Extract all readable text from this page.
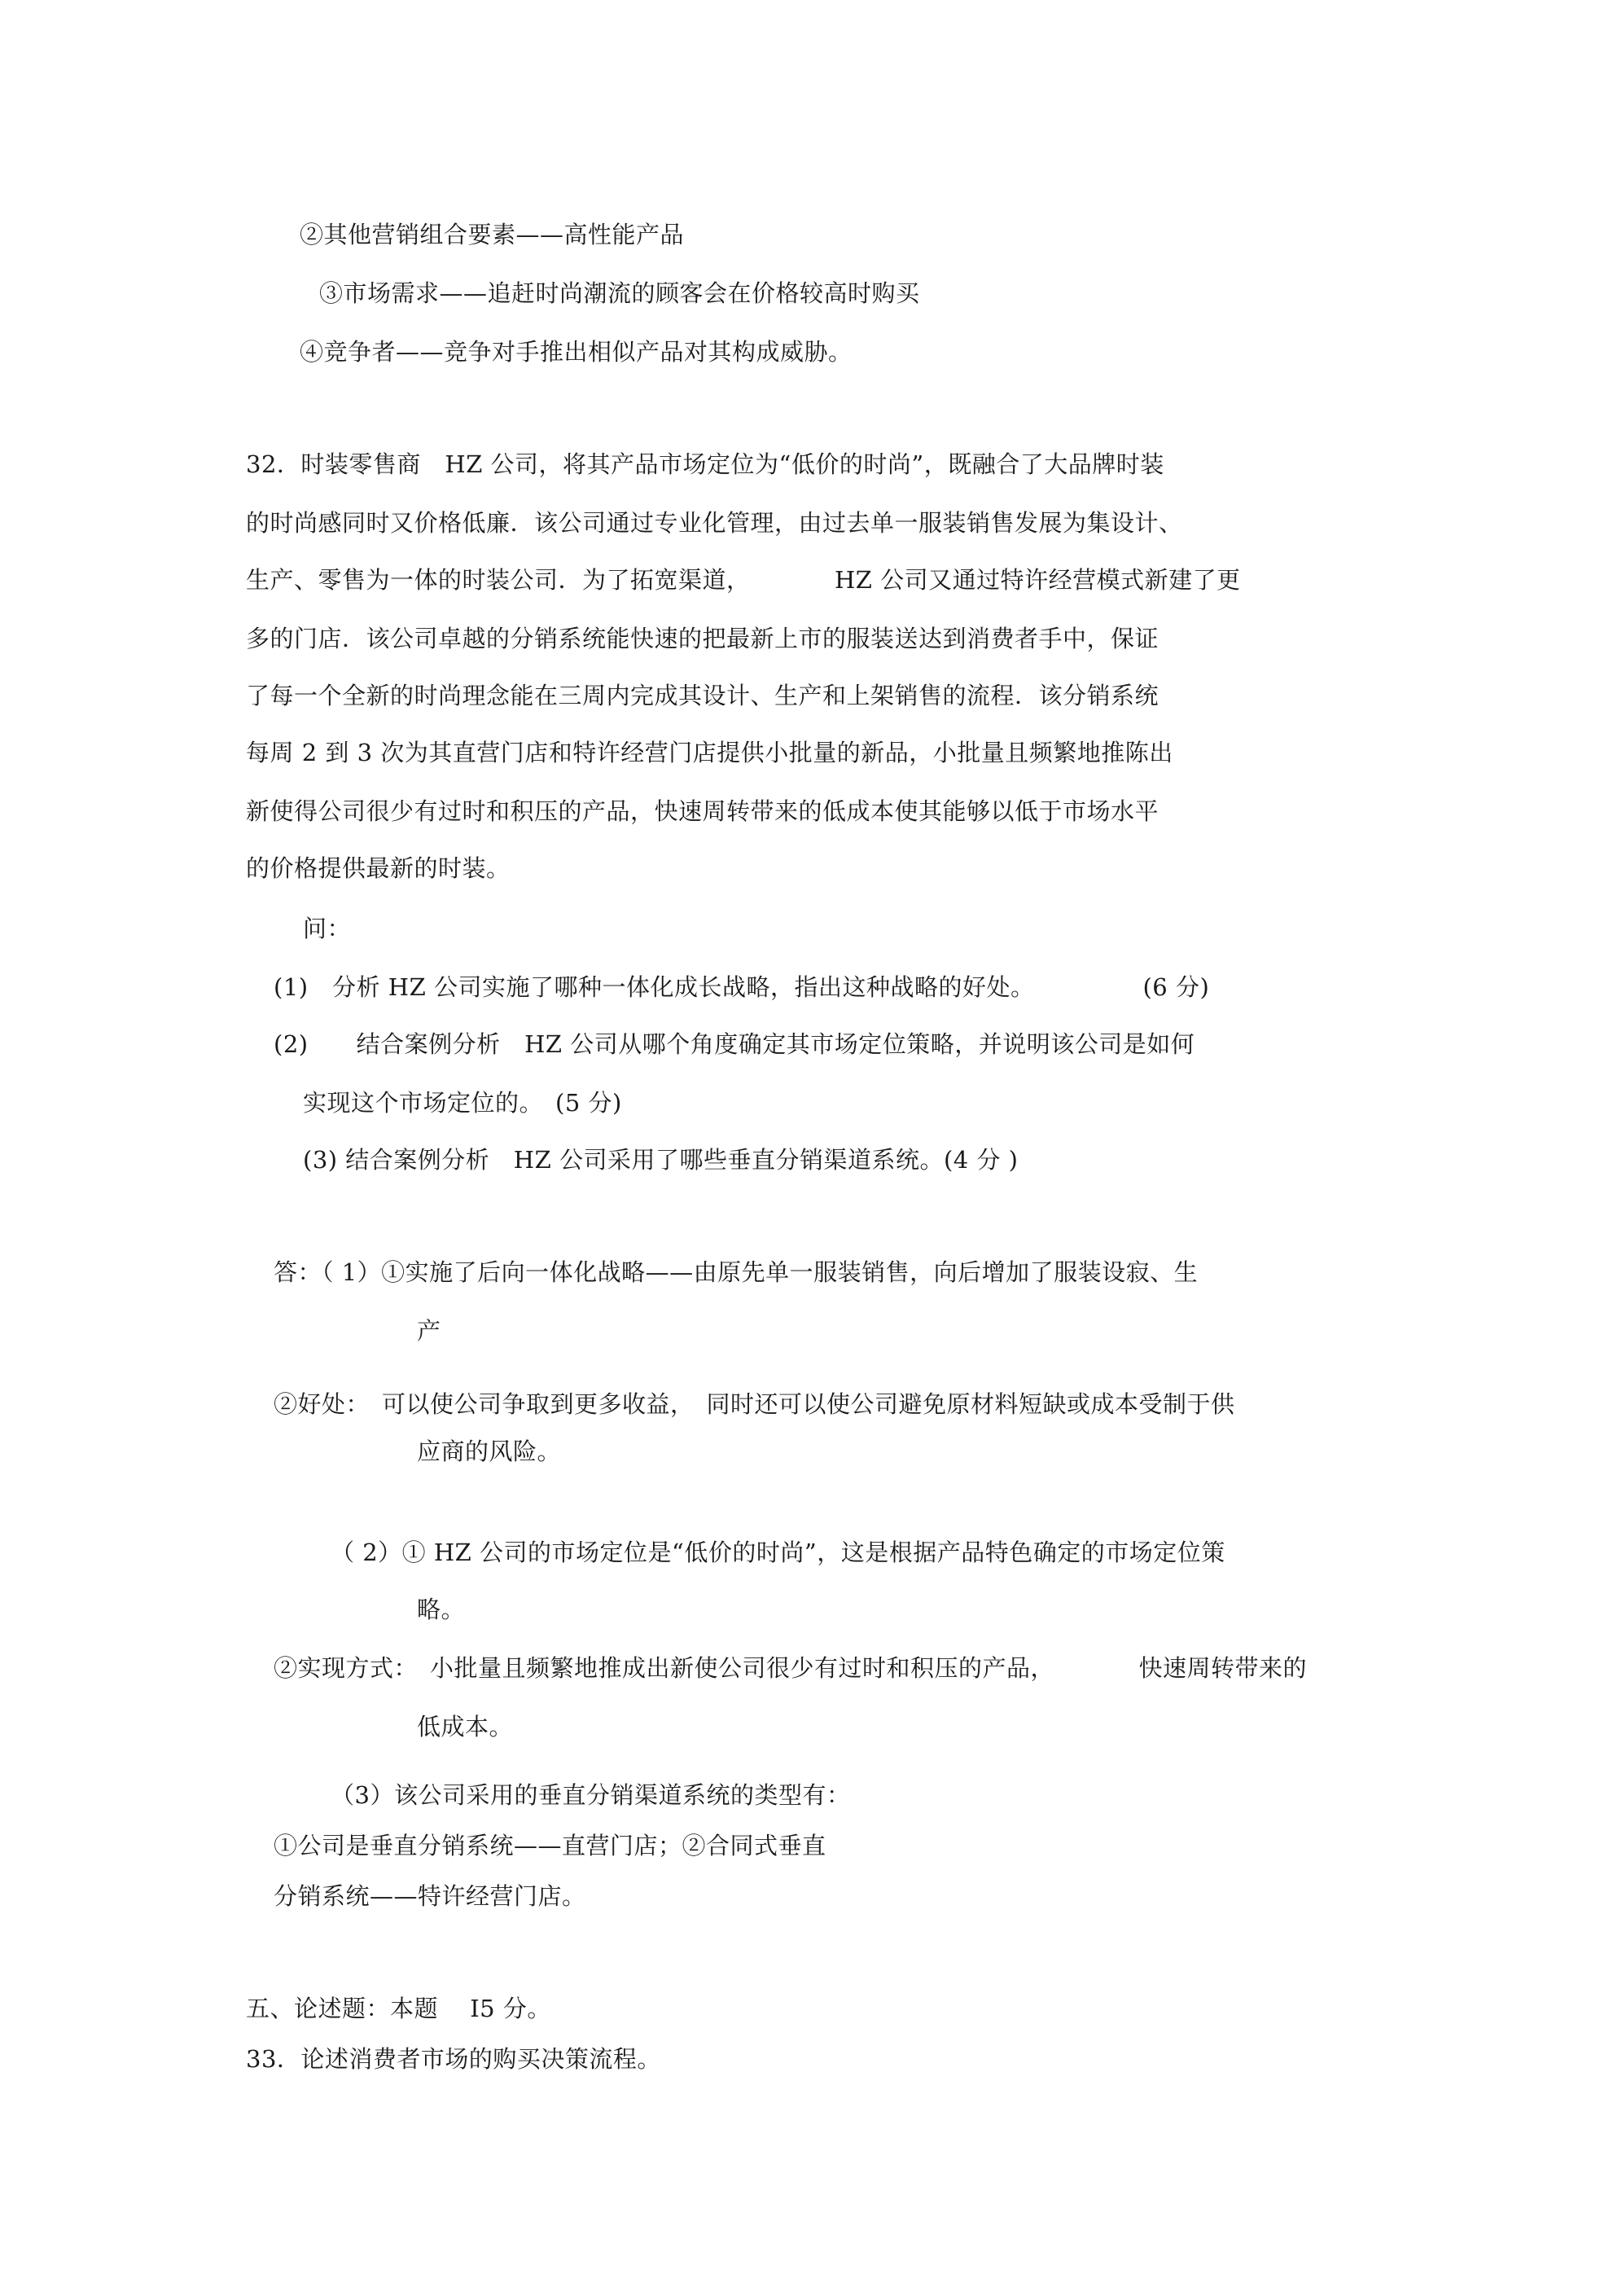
②其他营销组合要素——高性能产品
③市场需求——追赶时尚潮流的顾客会在价格较高时购买
④竞争者——竞争对手推出相似产品对其构成威胁。
32．时装零售商　HZ 公司，将其产品市场定位为“低价的时尚”，既融合了大品牌时装
的时尚感同时又价格低廉．该公司通过专业化管理，由过去单一服装销售发展为集设计、
生产、零售为一体的时装公司．为了拓宽渠道，　　　　HZ 公司又通过特许经营模式新建了更
多的门店．该公司卓越的分销系统能快速的把最新上市的服装送达到消费者手中，保证
了每一个全新的时尚理念能在三周内完成其设计、生产和上架销售的流程．该分销系统
每周 2 到 3 次为其直营门店和特许经营门店提供小批量的新品，小批量且频繁地推陈出
新使得公司很少有过时和积压的产品，快速周转带来的低成本使其能够以低于市场水平
的价格提供最新的时装。
问：
(1)　分析 HZ 公司实施了哪种一体化成长战略，指出这种战略的好处。　　　　　(6 分)
(2)　　结合案例分析　HZ 公司从哪个角度确定其市场定位策略，并说明该公司是如何
实现这个市场定位的。　(5 分)
(3) 结合案例分析　HZ 公司采用了哪些垂直分销渠道系统。(4 分 )
答：（ 1）①实施了后向一体化战略——由原先单一服装销售，向后增加了服装设寂、生
产
②好处：　可以使公司争取到更多收益，　同时还可以使公司避免原材料短缺或成本受制于供
应商的风险。
（ 2）① HZ 公司的市场定位是“低价的时尚”，这是根据产品特色确定的市场定位策
略。
②实现方式：　小批量且频繁地推成出新使公司很少有过时和积压的产品，　　　　快速周转带来的
低成本。
（3）该公司采用的垂直分销渠道系统的类型有：
①公司是垂直分销系统——直营门店；②合同式垂直
分销系统——特许经营门店。
五、论述题：本题　 I5 分。
33．论述消费者市场的购买决策流程。
